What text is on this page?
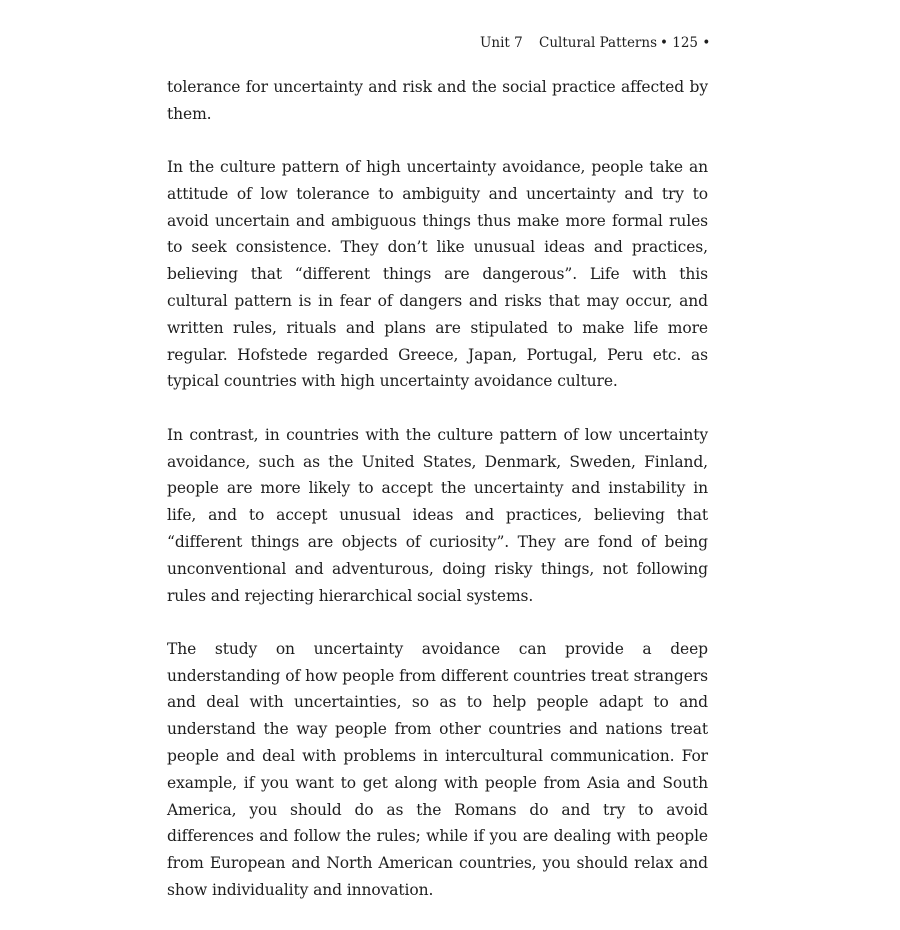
Unit 7 Cultural Patterns • 125 •

tolerance for uncertainty and risk and the social practice affected by them.

In the culture pattern of high uncertainty avoidance, people take an attitude of low tolerance to ambiguity and uncertainty and try to avoid uncertain and ambiguous things thus make more formal rules to seek consistence. They don’t like unusual ideas and practices, believing that “different things are dangerous”. Life with this cultural pattern is in fear of dangers and risks that may occur, and written rules, rituals and plans are stipulated to make life more regular. Hofstede regarded Greece, Japan, Portugal, Peru etc. as typical countries with high uncertainty avoidance culture.

In contrast, in countries with the culture pattern of low uncertainty avoidance, such as the United States, Denmark, Sweden, Finland, people are more likely to accept the uncertainty and instability in life, and to accept unusual ideas and practices, believing that “different things are objects of curiosity”. They are fond of being unconventional and adventurous, doing risky things, not following rules and rejecting hierarchical social systems.

The study on uncertainty avoidance can provide a deep understanding of how people from different countries treat strangers and deal with uncertainties, so as to help people adapt to and understand the way people from other countries and nations treat people and deal with problems in intercultural communication. For example, if you want to get along with people from Asia and South America, you should do as the Romans do and try to avoid differences and follow the rules; while if you are dealing with people from European and North American countries, you should relax and show individuality and innovation.
